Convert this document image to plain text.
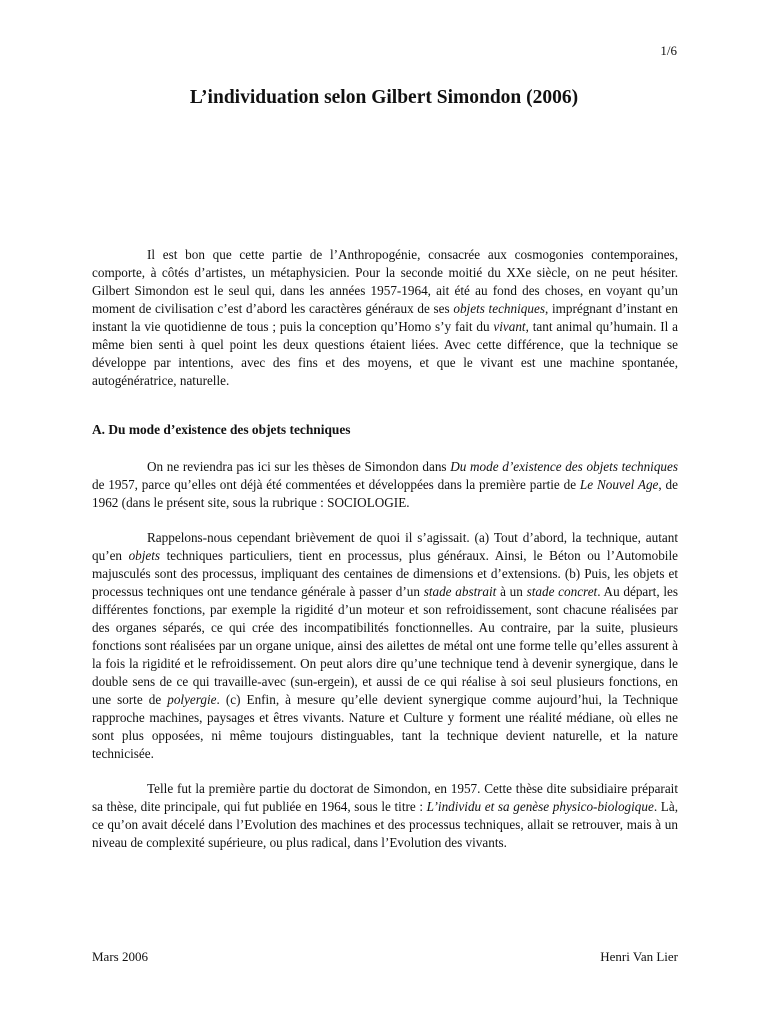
1/6

L’individuation selon Gilbert Simondon (2006)

Il est bon que cette partie de l’Anthropogénie, consacrée aux cosmogonies contemporaines, comporte, à côtés d’artistes, un métaphysicien. Pour la seconde moitié du XXe siècle, on ne peut hésiter. Gilbert Simondon est le seul qui, dans les années 1957-1964, ait été au fond des choses, en voyant qu’un moment de civilisation c’est d’abord les caractères généraux de ses objets techniques, imprégnant d’instant en instant la vie quotidienne de tous ; puis la conception qu’Homo s’y fait du vivant, tant animal qu’humain. Il a même bien senti à quel point les deux questions étaient liées. Avec cette différence, que la technique se développe par intentions, avec des fins et des moyens, et que le vivant est une machine spontanée, autogénératrice, naturelle.

A. Du mode d’existence des objets techniques

On ne reviendra pas ici sur les thèses de Simondon dans Du mode d’existence des objets techniques de 1957, parce qu’elles ont déjà été commentées et développées dans la première partie de Le Nouvel Age, de 1962 (dans le présent site, sous la rubrique : SOCIOLOGIE.

Rappelons-nous cependant brièvement de quoi il s’agissait. (a) Tout d’abord, la technique, autant qu’en objets techniques particuliers, tient en processus, plus généraux. Ainsi, le Béton ou l’Automobile majusculés sont des processus, impliquant des centaines de dimensions et d’extensions. (b) Puis, les objets et processus techniques ont une tendance générale à passer d’un stade abstrait à un stade concret. Au départ, les différentes fonctions, par exemple la rigidité d’un moteur et son refroidissement, sont chacune réalisées par des organes séparés, ce qui crée des incompatibilités fonctionnelles. Au contraire, par la suite, plusieurs fonctions sont réalisées par un organe unique, ainsi des ailettes de métal ont une forme telle qu’elles assurent à la fois la rigidité et le refroidissement. On peut alors dire qu’une technique tend à devenir synergique, dans le double sens de ce qui travaille-avec (sun-ergein), et aussi de ce qui réalise à soi seul plusieurs fonctions, en une sorte de polyergie. (c) Enfin, à mesure qu’elle devient synergique comme aujourd’hui, la Technique rapproche machines, paysages et êtres vivants. Nature et Culture y forment une réalité médiane, où elles ne sont plus opposées, ni même toujours distinguables, tant la technique devient naturelle, et la nature technicisée.

Telle fut la première partie du doctorat de Simondon, en 1957. Cette thèse dite subsidiaire préparait sa thèse, dite principale, qui fut publiée en 1964, sous le titre : L’individu et sa genèse physico-biologique. Là, ce qu’on avait décelé dans l’Evolution des machines et des processus techniques, allait se retrouver, mais à un niveau de complexité supérieure, ou plus radical, dans l’Evolution des vivants.

Mars 2006	Henri Van Lier
